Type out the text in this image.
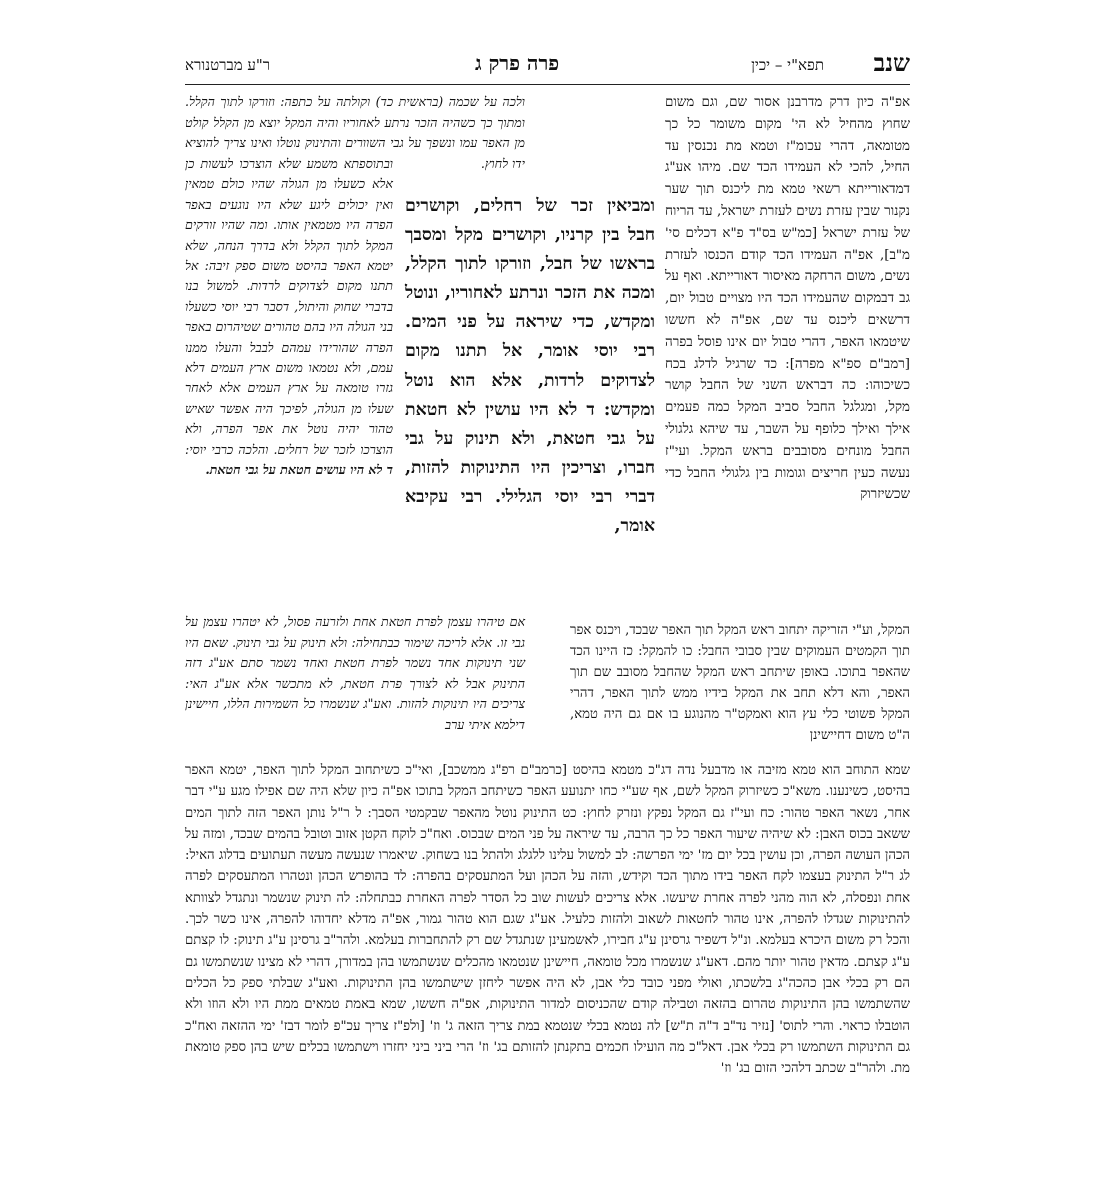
שנב
תפא"י – יכין
פרה פרק ג
ר"ע מברטנורא
אפ"ה כיון דרק מדרבנן אסור שם, וגם משום שחוץ מהחיל לא הי' מקום משומר כל כך מטומאה, דהרי עכומ"ז וטמא מת נכנסין עד החיל, להכי לא העמידו הכד שם. מיהו אע"ג דמדאורייתא רשאי טמא מת ליכנס תוך שער נקנור שבין עזרת נשים לעזרת ישראל, עד הריוח של עזרת ישראל [כמ"ש בס"ד פ"א דכלים סי' מ"ב], אפ"ה העמידו הכד קודם הכנסו לעזרת נשים, משום הרחקה מאיסור דאורייתא. ואף על גב דבמקום שהעמידו הכד היו מצויים טבול יום, דרשאים ליכנס עד שם, אפ"ה לא חששו שיטמאו האפר, דהרי טבול יום אינו פוסל בפרה [רמב"ם ספ"א מפרה]: כד שרגיל לדלג בכח כשיכוהו: כה דבראש השני של החבל קושר מקל, ומגלגל החבל סביב המקל כמה פעמים אילך ואילך כלופף על השבר, עד שיהא גלגולי החבל מונחים מסובבים בראש המקל. ועי"ז נעשה כעין חריצים וגומות בין גלגולי החבל כדי שכשיזרוק
ולכה על שכמה (בראשית כד) וקולתה על כתפה: וזורקו לתוך הקלל. ומתוך כך כשהיה הזכר נרתע לאחוריו והיה המקל יוצא מן הקלל קולט מן האפר עמו ונשפך על גבי השוורים והתינוק נוטלו ואינו צריך להוציא ידו לחוץ.
ומביאין זכר של רחלים, וקושרים חבל בין קרניו, וקושרים מקל ומסבך בראשו של חבל, וזורקו לתוך הקלל, ומכה את הזכר ונרתע לאחוריו, ונוטל ומקדש, כדי שיראה על פני המים. רבי יוסי אומר, אל תתנו מקום לצדוקים לרדות, אלא הוא נוטל ומקדש: ד לא היו עושין לא חטאת על גבי חטאת, ולא תינוק על גבי חברו, וצריכין היו התינוקות להזות, דברי רבי יוסי הגלילי. רבי עקיבא אומר,
ובתוספתא משמע שלא הוצרכו לעשות כן אלא כשעלו מן הגולה שהיו כולם טמאין ואין יכולים ליגע שלא היו נוגעים באפר הפרה היו מטמאין אותו. ומה שהיו זורקים המקל לתוך הקלל ולא בדרך הנחה, שלא יטמא האפר בהיסט משום ספק זיבה: אל תתנו מקום לצדוקים לרדות. למשול בנו בדברי שחוק והיתול, דסבר רבי יוסי כשעלו בני הגולה היו בהם טהורים שטיהרום באפר הפרה שהורידו עמהם לבבל והעלו ממנו עמם, ולא נטמאו משום ארץ העמים דלא גזרו טומאה על ארץ העמים אלא לאחר שעלו מן הגולה, לפיכך היה אפשר שאיש טהור יהיה נוטל את אפר הפרה, ולא הוצרכו לזכר של רחלים. והלכה כרבי יוסי: ד לא היו עושים חטאת על גבי חטאת.
אם טיהרו עצמן לפרת חטאת אחת ולזרעה פסול, לא יטהרו עצמן על גבי זו. אלא לריכה שימור כבתחילה: ולא תינוק על גבי תינוק. שאם היו שני תינוקות אחד נשמר לפרת חטאת ואחד נשמר סתם אע"ג דזה התינוק אבל לא לצורך פרת חטאת, לא מתכשר אלא אע"ג האי: צריכים היו תינוקות להזות. ואע"ג שנשמרו כל השמירות הללו, חיישינן דילמא איתי ערב
המקל, וע"י הזריקה יתחוב ראש המקל תוך האפר שבכד, ויכנס אפר תוך הקמטים העמוקים שבין סבובי החבל: כו להמקל: כז היינו הכד שהאפר בתוכו. באופן שיתחב ראש המקל שהחבל מסובב שם תוך האפר, והא דלא תחב את המקל בידיו ממש לתוך האפר, דהרי המקל פשוטי כלי עץ הוא ואמקט"ר מהנוגע בו אם גם היה טמא, ה"ט משום דחיישינן
שמא התוחב הוא טמא מזיבה או מדבעל נדה דג"כ מטמא בהיסט [כרמב"ם רפ"ג ממשכב], ואי"כ כשיתחוב המקל לתוך האפר, יטמא האפר בהיסט, כשינענו. משא"כ כשיזרוק המקל לשם, אף שע"י כחו יתנועע האפר כשיתחב המקל בתוכו אפ"ה כיון שלא היה שם אפילו מגע ע"י דבר אחר, נשאר האפר טהור: כח ועי"ז גם המקל נפקץ ונזרק לחוץ: כט התינוק נוטל מהאפר שבקמטי הסבך: ל ר"ל נותן האפר הזה לתוך המים ששאב בכוס האבן: לא שיהיה שיעור האפר כל כך הרבה, עד שיראה על פני המים שבכוס. ואח"כ לוקח הקטן אזוב וטובל בהמים שבכד, ומזה על הכהן העושה הפרה, וכן עושין בכל יום מז' ימי הפרשה: לב למשול עלינו ללגלג ולהתל בנו בשחוק. שיאמרו שנעשה מעשה תעתועים בדלוג האיל: לג ר"ל התינוק בעצמו לקח האפר בידו מתוך הכד וקידש, והזה על הכהן ועל המתעסקים בהפרה: לד בהופרש הכהן ונטהרו המתעסקים לפרה אחת ונפסלה, לא הוה מהני לפרה אחרת שיעשו. אלא צריכים לעשות שוב כל הסדר לפרה האחרת כבתחלה: לה תינוק שנשמר ונתגדל לצוותא להתינוקות שגדלו להפרה, אינו טהור לחטאות לשאוב ולהזות כלעיל. אע"ג שגם הוא טהור גמור, אפ"ה מדלא יחדוהו להפרה, אינו כשר לכך. והכל רק משום היכרא בעלמא. ונ"ל דשפיר גרסינן ע"ג חבירו, לאשמעינן שנתגדל שם רק להתחברות בעלמא. ולהר"ב גרסינן ע"ג תינוק: לו קצתם ע"ג קצתם. מדאין טהור יותר מהם. דאע"ג שנשמרו מכל טומאה, חיישינן שנטמאו מהכלים שנשתמשו בהן במדורן, דהרי לא מצינו שנשתמשו גם הם רק בכלי אבן כהכה"ג בלשכתו, ואולי מפני כובד כלי אבן, לא היה אפשר ליחזן שישתמשו בהן התינוקות. ואע"ג שבלתי ספק כל הכלים שהשתמשו בהן התינוקות טהרום בהזאה וטבילה קודם שהכניסום למדור התינוקות, אפ"ה חששו, שמא באמת טמאים ממת היו ולא הוזו ולא הוטבלו כראוי. והרי לתוס' [נזיר נד"ב ד"ה ת"ש] לה נטמא בכלי שנטמא במת צריך הזאה ג' וז' [ולפ"ז צריך עכ"פ לומר דבז' ימי ההזאה ואח"כ גם התינוקות השתמשו רק בכלי אבן. דאל"כ מה הועילו חכמים בתקנתן להזותם בג' וז' הרי ביני ביני יחזרו וישתמשו בכלים שיש בהן ספק טומאת מת. ולהר"ב שכתב דלהכי הזום בג' וז'
